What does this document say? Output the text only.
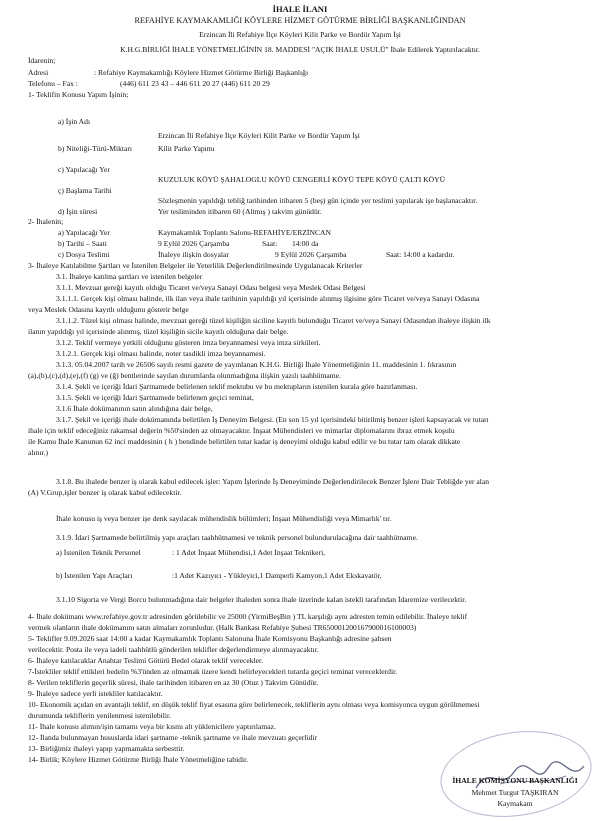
İHALE İLANI
REFAHİYE KAYMAKAMLIĞI KÖYLERE HİZMET GÖTÜRME BİRLİĞİ BAŞKANLIĞINDAN
Erzincan İli Refahiye İlçe Köyleri Kilit Parke ve Bordür Yapım İşi
K.H.G.BİRLİĞİ İHALE YÖNETMELİĞİNİN 18. MADDESİ "AÇIK İHALE USULÜ" İhale Edilerek Yaptırılacaktır.
İdarenin;
Adresi	: Refahiye Kaymakamlığı Köylere Hizmet Götürme Birliği Başkanlığı
Telefonu – Fax :	(446) 611 23 43 – 446 611 20 27 (446) 611 20 29
1- Teklifin Konusu Yapım İşinin;
a) İşin Adı
Erzincan İli Refahiye İlçe Köyleri Kilit Parke ve Bordür Yapım İşi
b) Niteliği-Türü-Miktarı	Kilit Parke Yapımı
c) Yapılacağı Yer
KUZULUK KÖYÜ ŞAHALOGLU KÖYÜ CENGERLİ KÖYÜ TEPE KÖYÜ ÇALTI KÖYÜ
ç) Başlama Tarihi
Sözleşmenin yapıldığı tebliğ tarihinden itibaren 5 (beş) gün içinde yer teslimi yapılarak işe başlanacaktır.
d) İşin süresi	Yer tesliminden itibaren 60 (Altmış ) takvim günüdür.
2- İhalenin;
a) Yapılacağı Yer	Kaymakamlık Toplantı Salonu-REFAHİYE/ERZİNCAN
b) Tarihi – Saati	9 Eylül 2026 Çarşamba	Saat: 14:00 da
c) Dosya Teslimi	İhaleye ilişkin dosyalar	9 Eylül 2026 Çarşamba	Saat: 14:00 a kadardır.
3- İhaleye Katılabilme Şartları ve İstenilen Belgeler ile Yeterlilik Değerlendirilmesinde Uygulanacak Kriterler
3.1. İhaleye katılma şartları ve istenilen belgeler
3.1.1. Mevzuat gereği kayıtlı olduğu Ticaret ve/veya Sanayi Odası belgesi veya Meslek Odası Belgesi
3.1.1.1. Gerçek kişi olması halinde, ilk ilan veya ihale tarihinin yapıldığı yıl içerisinde alınmış ilgisine göre Ticaret ve/veya Sanayi Odasına
veya Meslek Odasına kayıtlı olduğunu gösterir belge
3.1.1.2. Tüzel kişi olması halinde, mevzuat gereği tüzel kişiliğin siciline kayıtlı bulunduğu Ticaret ve/veya Sanayi Odasından ihaleye ilişkin ilk
ilanın yapıldığı yıl içerisinde alınmış, tüzel kişiliğin sicile kayıtlı olduğuna dair belge.
3.1.2. Teklif vermeye yetkili olduğunu gösteren imza beyannamesi veya imza sirküleri.
3.1.2.1. Gerçek kişi olması halinde, noter tasdikli imza beyannamesi.
3.1.3. 05.04.2007 tarih ve 26506 sayılı resmi gazete de yayınlanan K.H.G. Birliği İhale Yönetmeliğinin 11. maddesinin 1. fıkrasının
(a),(b),(c),(d),(e),(f) (g) ve (ğ) bentlerinde sayılan durumlarda olunmadığına ilişkin yazılı taahhütname.
3.1.4. Şekli ve içeriği İdari Şartnamede belirlenen teklif mektubu ve bu mektupların istenilen kurala göre hazırlanması.
3.1.5. Şekli ve içeriği İdari Şartnamede belirlenen geçici teminat,
3.1.6 İhale dokümanının satın alındığına dair belge,
3.1.7. Şekil ve içeriği ihale dokümanında belirtilen İş Deneyim Belgesi. (En son 15 yıl içerisindeki bitirilmiş benzer işleri kapsayacak ve tutarı
ihale için teklif edeceğiniz rakamsal değerin %50'sinden az olmayacaktır. İnşaat Mühendisleri ve mimarlar diplomalarını ibraz etmek koşulu
ile Kamu İhale Kanunun 62 inci maddesinin ( h ) bendinde belirtilen tutar kadar iş deneyimi olduğu kabul edilir ve bu tutar tam olarak dikkate
alınır.)
3.1.8. Bu ihalede benzer iş olarak kabul edilecek işler: Yapım İşlerinde İş Deneyiminde Değerlendirilecek Benzer İşlere Dair Tebliğde yer alan
(A) V.Grup,işler benzer iş olarak kabul edilecektir.
İhale konusu iş veya benzer işe denk sayılacak mühendislik bölümleri; İnşaat Mühendisliği veya Mimarlık' tır.
3.1.9. İdari Şartnamede belirtilmiş yapı araçları taahhütnamesi ve teknik personel bulundurulacağına dair taahhütname.
a) İstenilen Teknik Personel	: 1 Adet İnşaat Mühendisi,1 Adet İnşaat Teknikeri,
b) İstenilen Yapı Araçları	:1 Adet Kazıyıcı - Yükleyici,1 Damperli Kamyon,1 Adet Ekskavatör,
3.1.10 Sigorta ve Vergi Borcu bulunmadığına dair belgeler ihaleden sonra ihale üzerinde kalan istekli tarafından İdaremize verilecektir.
4- İhale dokümanı www.refahiye.gov.tr adresinden görülebilir ve 25000 (YirmiBeşBin ) TL karşılığı aynı adresten temin edilebilir. İhaleye teklif
vermek olanların ihale dokümanını satın almaları zorunludur. (Halk Bankası Refahiye Şubesi TR650001200167900016100003)
5- Teklifler 9.09.2026 saat 14:00 a kadar Kaymakamlık Toplantı Salonuna İhale Komisyonu Başkanlığı adresine şahsen
verilecektir. Posta ile veya iadeli taahhütlü gönderilen teklifler değerlendirmeye alınmayacaktır.
6- İhaleye katılacaklar Anahtar Teslimi Götürü Bedel olarak teklif verecekler.
7-İstekliler teklif ettikleri bedelin %3'ünden az olmamak üzere kendi belirleyecekleri tutarda geçici teminat vereceklerdir.
8- Verilen tekliflerin geçerlik süresi, ihale tarihinden itibaren en az 30 (Otuz ) Takvim Günüdür.
9- İhaleye sadece yerli istekliler katılacaktır.
10- Ekonomik açıdan en avantajlı teklif, en düşük teklif fiyat esasına göre belirlenecek, tekliflerin aynı olması veya komisyonca uygun görülmemesi
durumunda tekliflerin yenilenmesi istenilebilir.
11- İhale konusu alımın/işin tamamı veya bir kısmı alt yüklenicilere yaptırılamaz.
12- İlanda bulunmayan hususlarda idari şartname -teknik şartname ve ihale mevzuatı geçerlidir
13- Birliğimiz ihaleyi yapıp yapmamakta serbesttir.
14- Birlik; Köylere Hizmet Götürme Birliği İhale Yönetmeliğine tabidir.
İHALE KOMİSYONU BAŞKANLIĞI
Mehmet Turgut TAŞKIRAN
Kaymakam
